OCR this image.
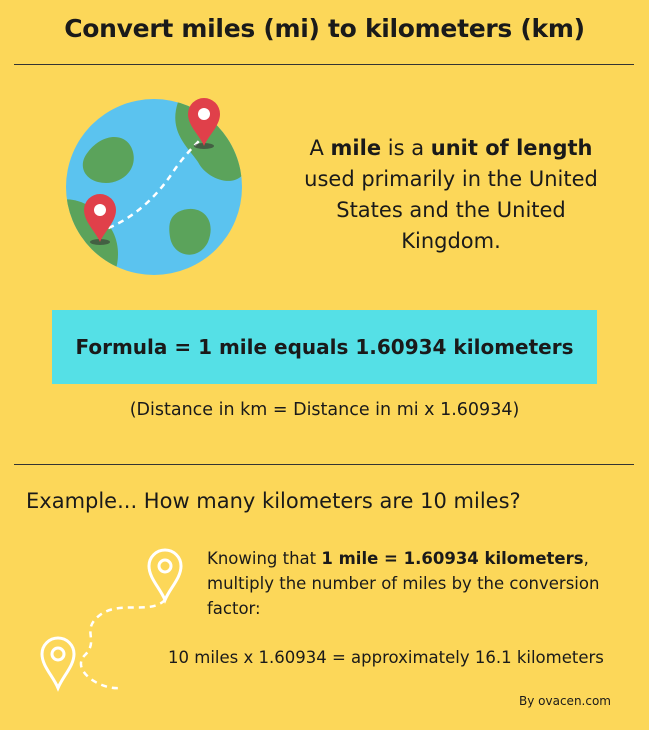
Convert miles (mi) to kilometers (km)
A mile is a unit of length used primarily in the United States and the United Kingdom.
Formula = 1 mile equals 1.60934 kilometers
(Distance in km = Distance in mi x 1.60934)
Example... How many kilometers are 10 miles?
Knowing that 1 mile = 1.60934 kilometers, multiply the number of miles by the conversion factor:
10 miles x 1.60934 = approximately 16.1 kilometers
By ovacen.com
